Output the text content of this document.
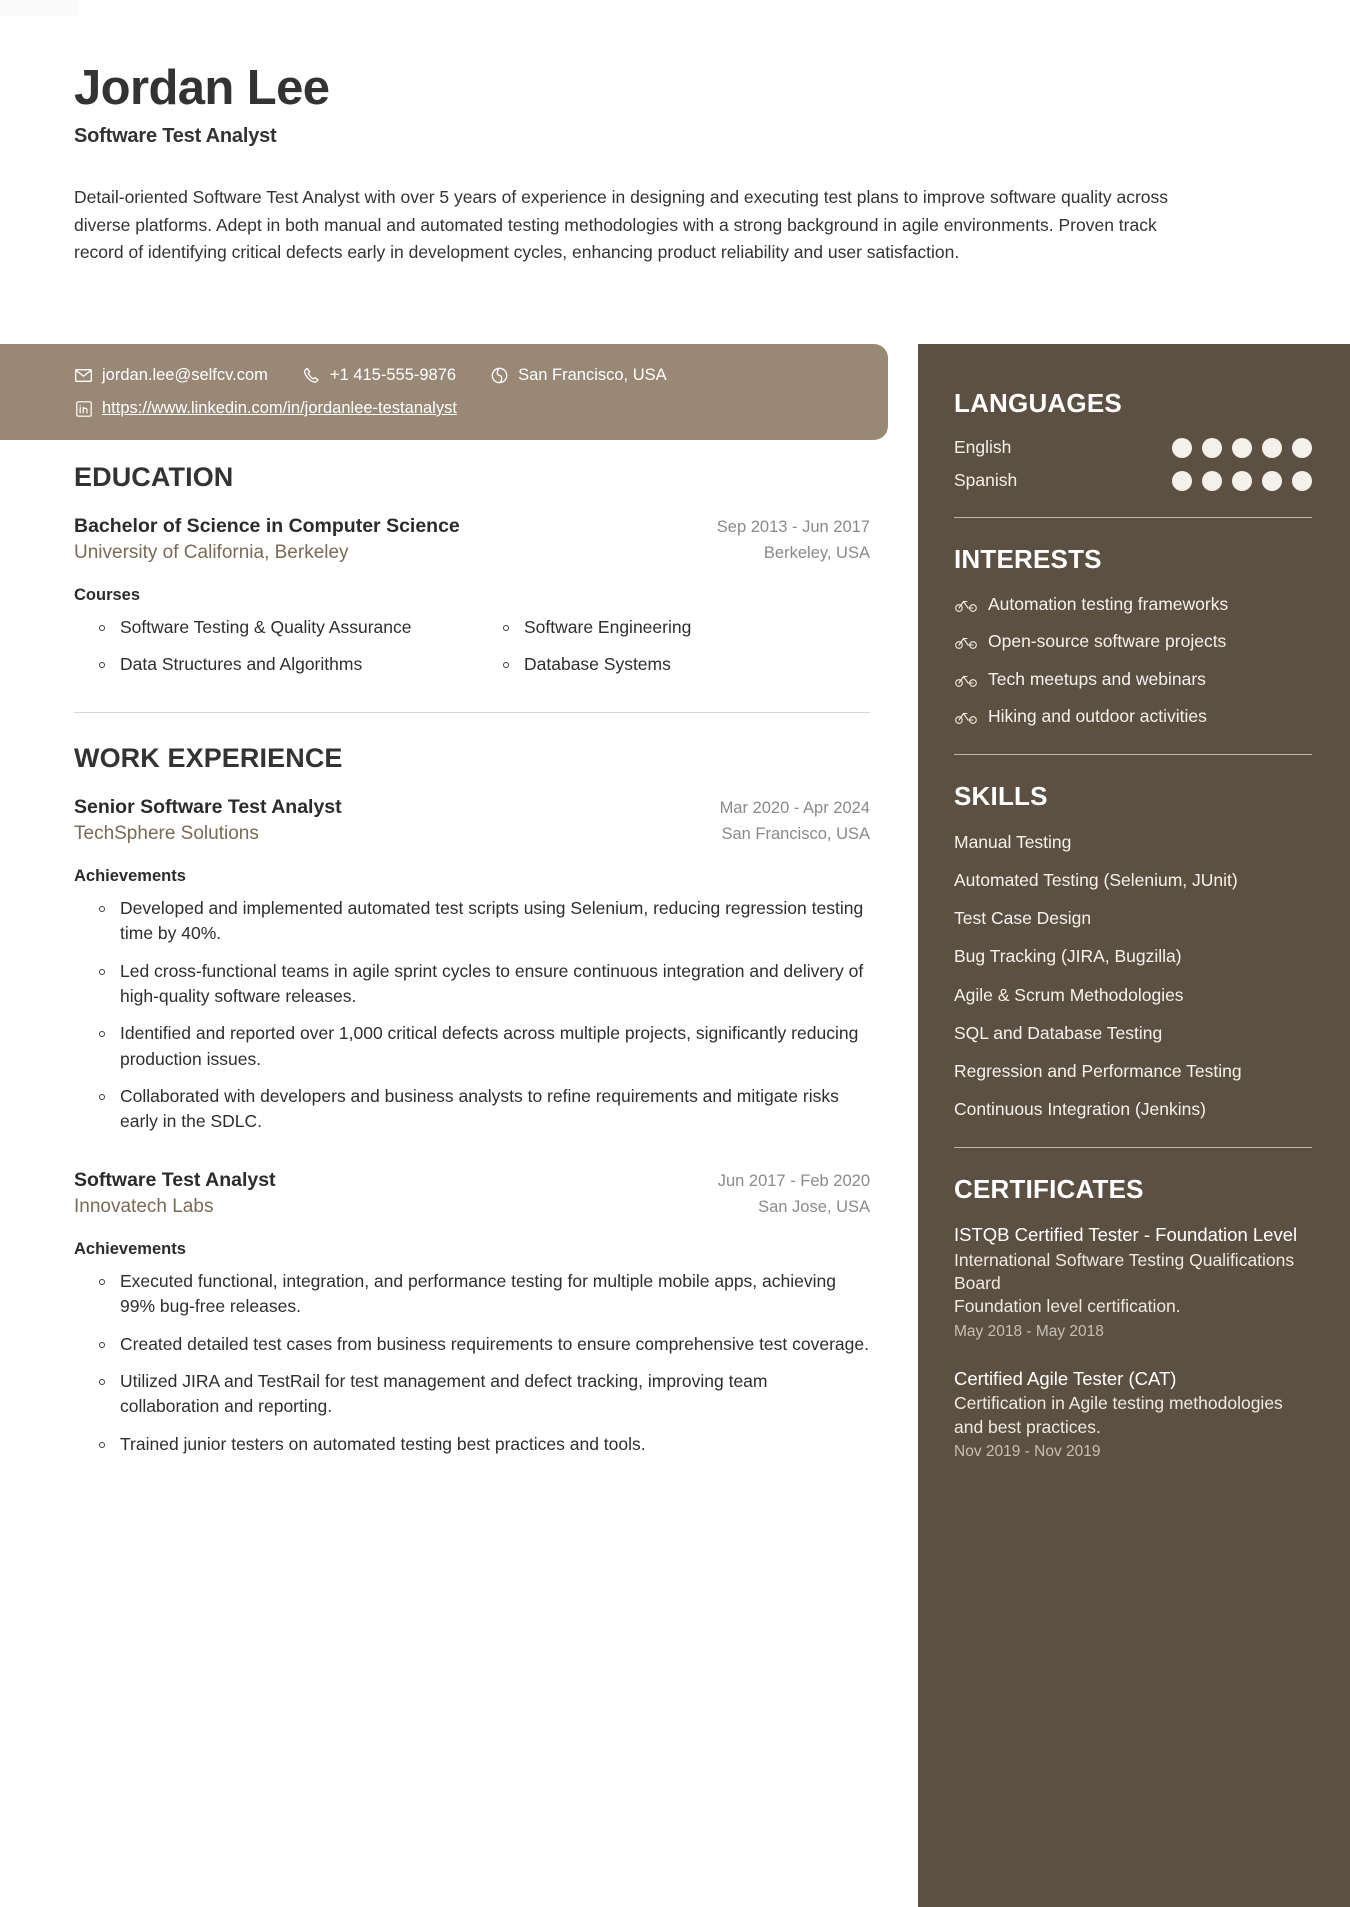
Jordan Lee
Software Test Analyst

Detail-oriented Software Test Analyst with over 5 years of experience in designing and executing test plans to improve software quality across diverse platforms. Adept in both manual and automated testing methodologies with a strong background in agile environments. Proven track record of identifying critical defects early in development cycles, enhancing product reliability and user satisfaction.

jordan.lee@selfcv.com	+1 415-555-9876	San Francisco, USA
https://www.linkedin.com/in/jordanlee-testanalyst
EDUCATION
Bachelor of Science in Computer Science	Sep 2013 - Jun 2017
University of California, Berkeley	Berkeley, USA
Courses
Software Testing & Quality Assurance	Software Engineering
Data Structures and Algorithms	Database Systems
WORK EXPERIENCE
Senior Software Test Analyst	Mar 2020 - Apr 2024
TechSphere Solutions	San Francisco, USA
Achievements
Developed and implemented automated test scripts using Selenium, reducing regression testing time by 40%.
Led cross-functional teams in agile sprint cycles to ensure continuous integration and delivery of high-quality software releases.
Identified and reported over 1,000 critical defects across multiple projects, significantly reducing production issues.
Collaborated with developers and business analysts to refine requirements and mitigate risks early in the SDLC.
Software Test Analyst	Jun 2017 - Feb 2020
Innovatech Labs	San Jose, USA
Achievements
Executed functional, integration, and performance testing for multiple mobile apps, achieving 99% bug-free releases.
Created detailed test cases from business requirements to ensure comprehensive test coverage.
Utilized JIRA and TestRail for test management and defect tracking, improving team collaboration and reporting.
Trained junior testers on automated testing best practices and tools.
LANGUAGES
English
Spanish
INTERESTS
Automation testing frameworks
Open-source software projects
Tech meetups and webinars
Hiking and outdoor activities
SKILLS
Manual Testing
Automated Testing (Selenium, JUnit)
Test Case Design
Bug Tracking (JIRA, Bugzilla)
Agile & Scrum Methodologies
SQL and Database Testing
Regression and Performance Testing
Continuous Integration (Jenkins)
CERTIFICATES
ISTQB Certified Tester - Foundation Level
International Software Testing Qualifications Board
Foundation level certification.
May 2018 - May 2018
Certified Agile Tester (CAT)
Certification in Agile testing methodologies and best practices.
Nov 2019 - Nov 2019
